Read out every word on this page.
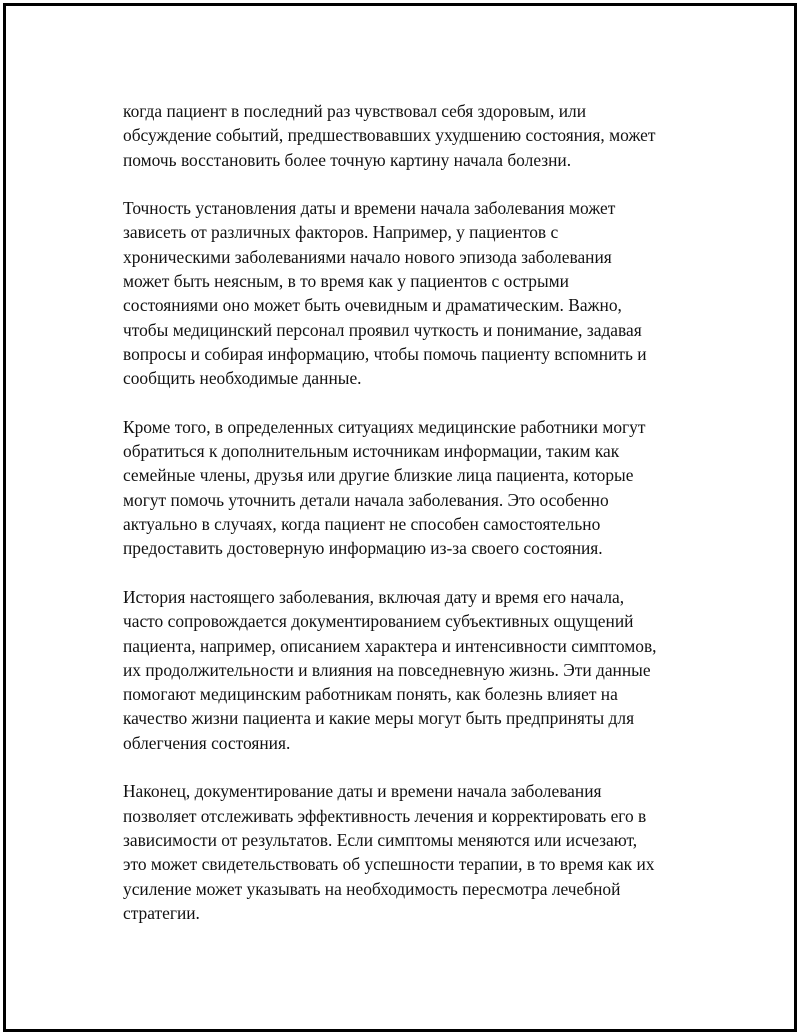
когда пациент в последний раз чувствовал себя здоровым, или
обсуждение событий, предшествовавших ухудшению состояния, может
помочь восстановить более точную картину начала болезни.

Точность установления даты и времени начала заболевания может
зависеть от различных факторов. Например, у пациентов с
хроническими заболеваниями начало нового эпизода заболевания
может быть неясным, в то время как у пациентов с острыми
состояниями оно может быть очевидным и драматическим. Важно,
чтобы медицинский персонал проявил чуткость и понимание, задавая
вопросы и собирая информацию, чтобы помочь пациенту вспомнить и
сообщить необходимые данные.

Кроме того, в определенных ситуациях медицинские работники могут
обратиться к дополнительным источникам информации, таким как
семейные члены, друзья или другие близкие лица пациента, которые
могут помочь уточнить детали начала заболевания. Это особенно
актуально в случаях, когда пациент не способен самостоятельно
предоставить достоверную информацию из-за своего состояния.

История настоящего заболевания, включая дату и время его начала,
часто сопровождается документированием субъективных ощущений
пациента, например, описанием характера и интенсивности симптомов,
их продолжительности и влияния на повседневную жизнь. Эти данные
помогают медицинским работникам понять, как болезнь влияет на
качество жизни пациента и какие меры могут быть предприняты для
облегчения состояния.

Наконец, документирование даты и времени начала заболевания
позволяет отслеживать эффективность лечения и корректировать его в
зависимости от результатов. Если симптомы меняются или исчезают,
это может свидетельствовать об успешности терапии, в то время как их
усиление может указывать на необходимость пересмотра лечебной
стратегии.
